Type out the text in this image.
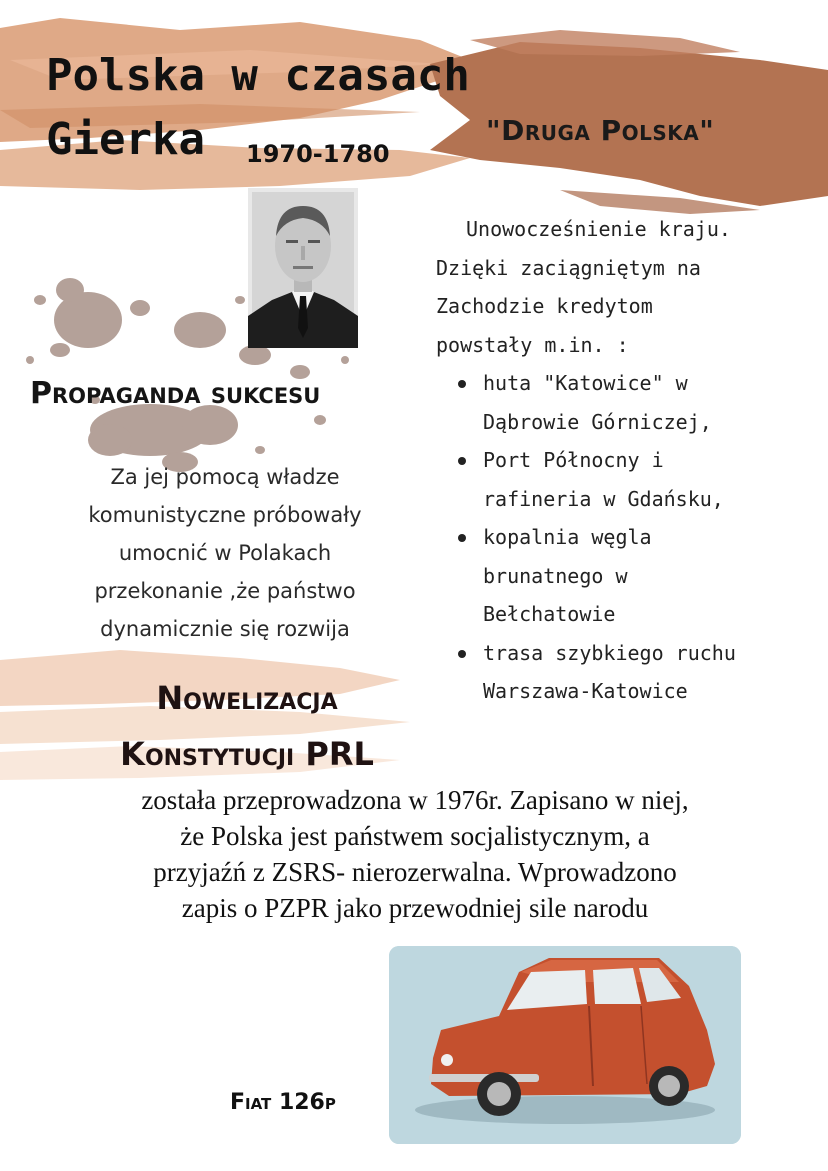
Polska w czasach
Gierka	1970-1780
"Druga Polska"
Unowocześnienie kraju.
Dzięki zaciągniętym na
Zachodzie kredytom
powstały m.in. :
huta "Katowice" w
Dąbrowie Górniczej,
Port Północny i
rafineria w Gdańsku,
kopalnia węgla
brunatnego w
Bełchatowie
trasa szybkiego ruchu
Warszawa-Katowice
Propaganda sukcesu
Za jej pomocą władze
komunistyczne próbowały
umocnić w Polakach
przekonanie ,że państwo
dynamicznie się rozwija
Nowelizacja
Konstytucji PRL
została przeprowadzona w 1976r. Zapisano w niej,
że Polska jest państwem socjalistycznym, a
przyjaźń z ZSRS- nierozerwalna. Wprowadzono
zapis o PZPR jako przewodniej sile narodu
Fiat 126p
